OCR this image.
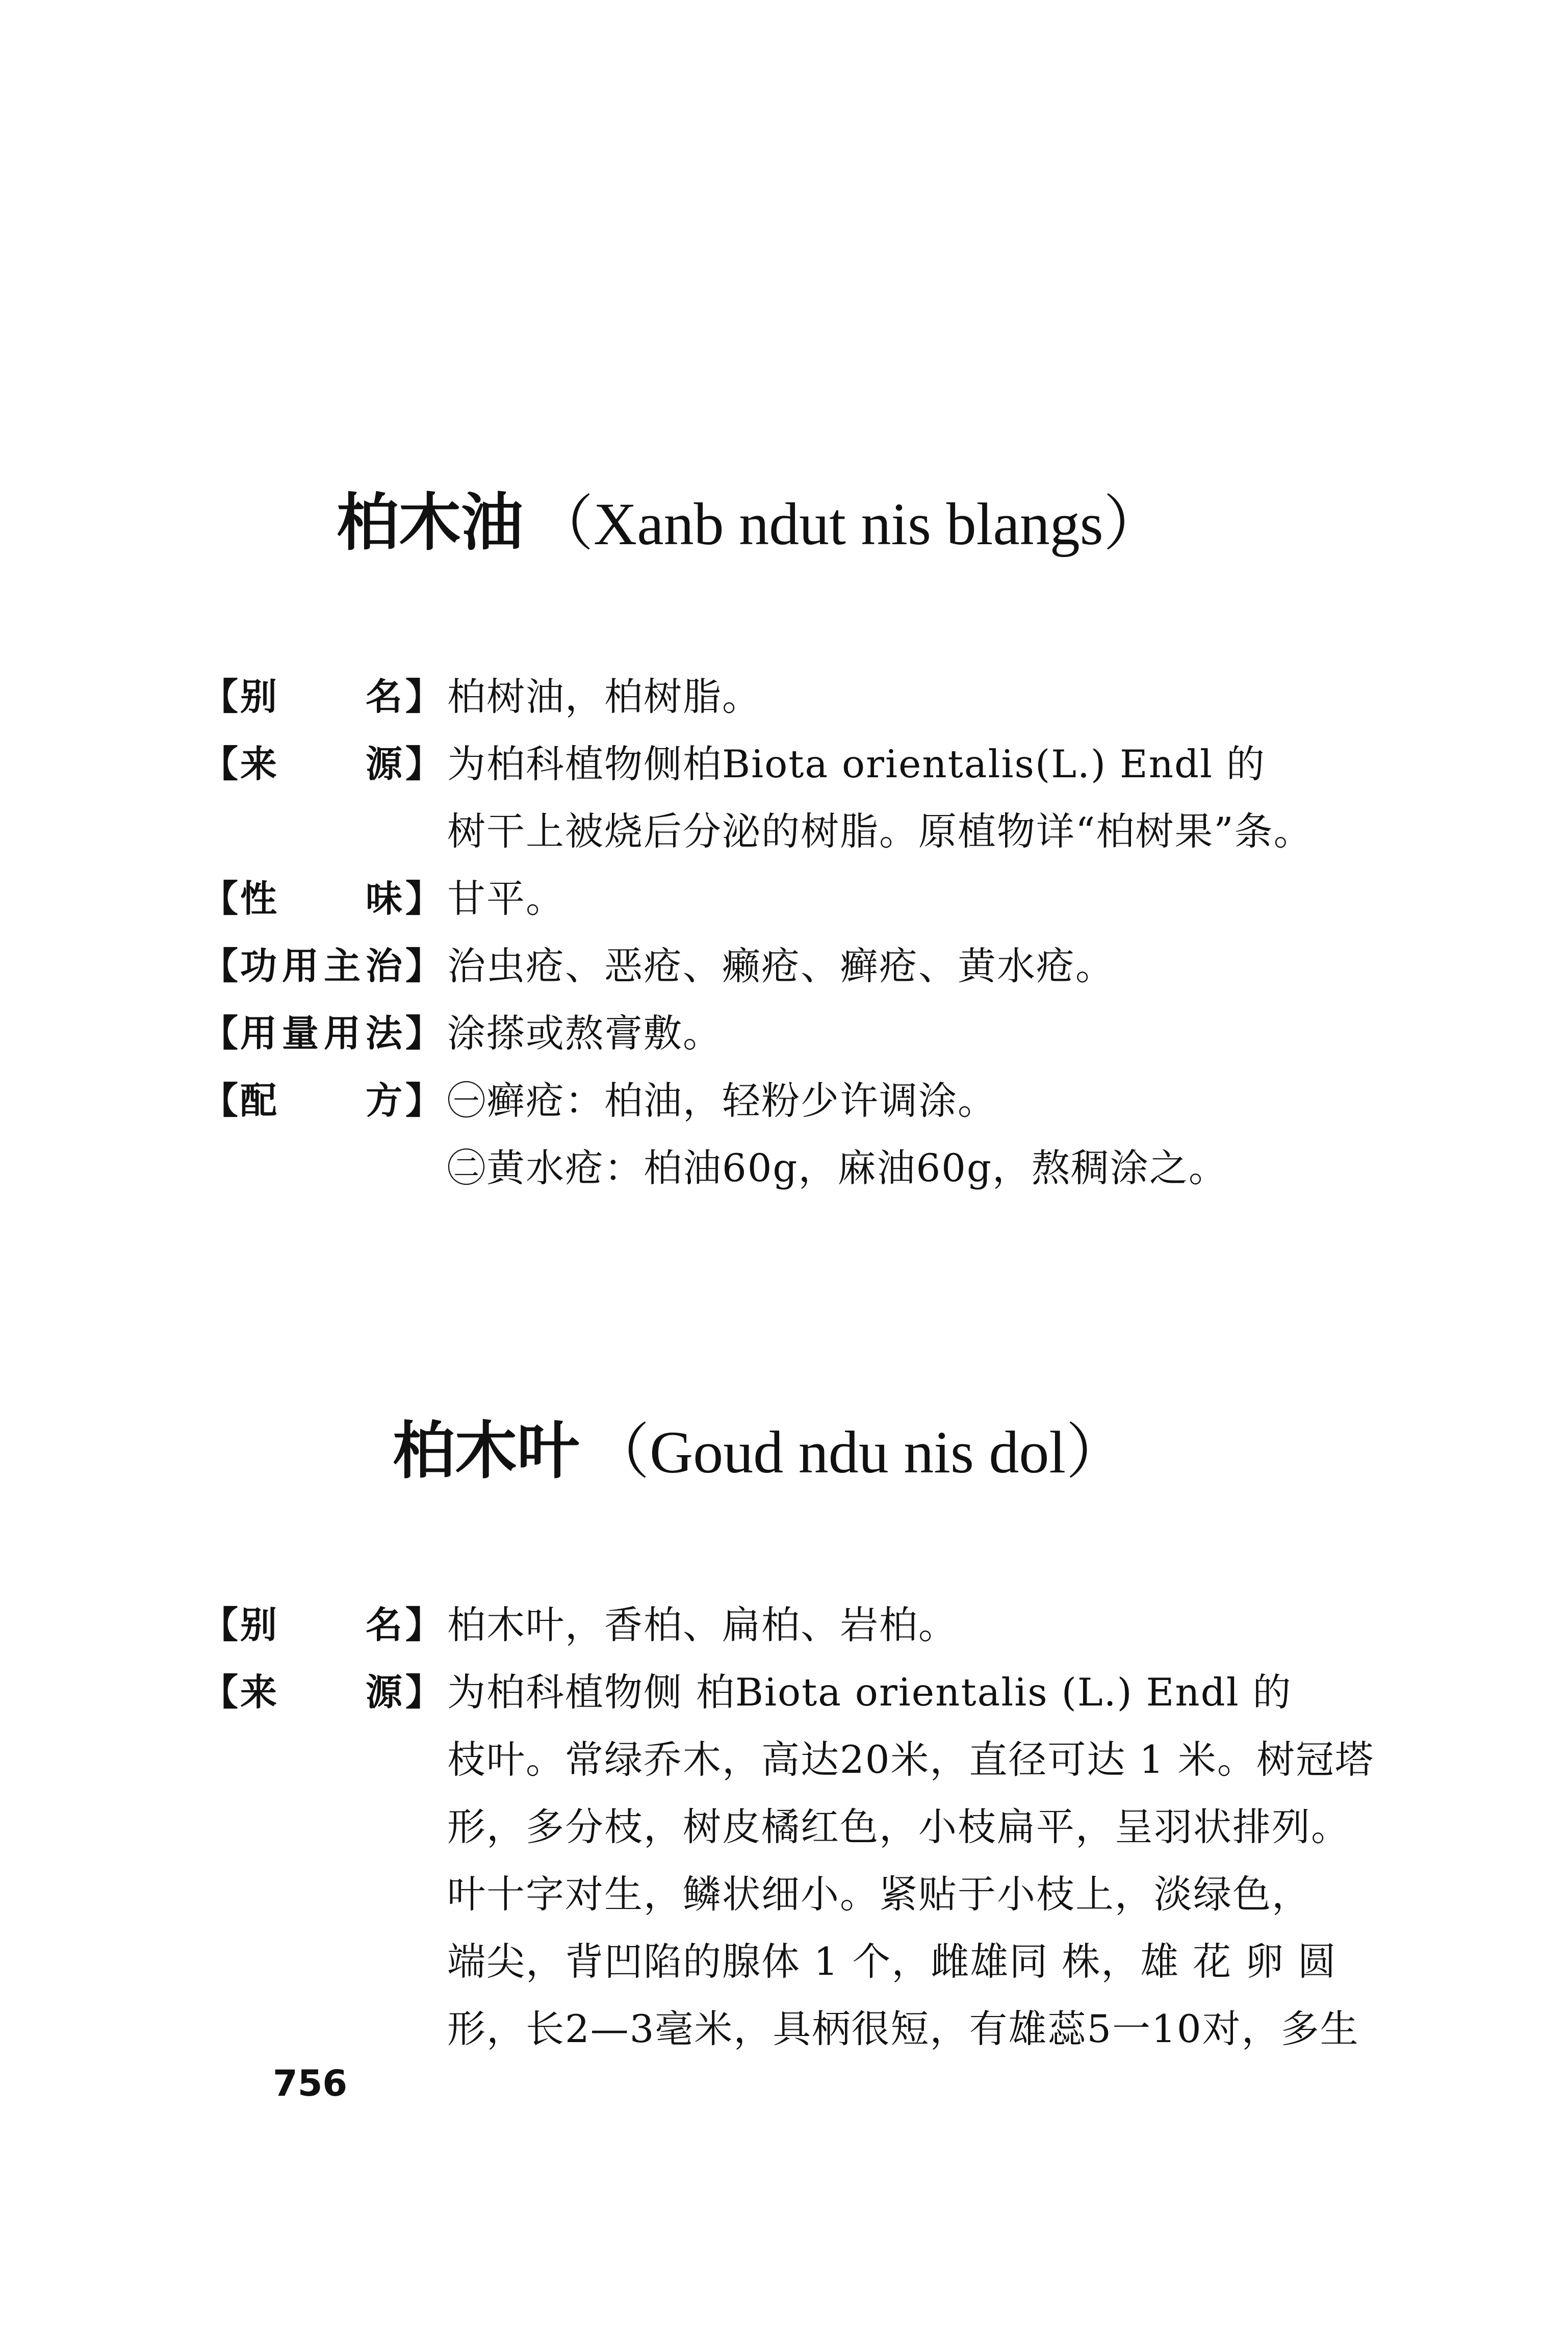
柏木油 （Xanb ndut nis blangs）
【 别 名 】 柏树油，柏树脂。
【 来 源 】 为柏科植物侧柏Biota orientalis(L.) Endl 的
树干上被烧后分泌的树脂。原植物详“柏树果”条。
【 性 味 】 甘平。
【 功 用 主 治 】 治虫疮、恶疮、癞疮、癣疮、黄水疮。
【 用 量 用 法 】 涂搽或熬膏敷。
【 配 方 】 ㊀癣疮：柏油，轻粉少许调涂。
㊁黄水疮：柏油60g，麻油60g，熬稠涂之。
柏木叶 （Goud ndu nis dol）
【 别 名 】 柏木叶，香柏、扁柏、岩柏。
【 来 源 】 为柏科植物侧 柏Biota orientalis (L.) Endl 的
枝叶。常绿乔木，高达20米，直径可达 1 米。树冠塔
形，多分枝，树皮橘红色，小枝扁平，呈羽状排列。
叶十字对生，鳞状细小。紧贴于小枝上，淡绿色，
端尖，背凹陷的腺体 1 个，雌雄同 株，雄 花 卵 圆
形，长2—3毫米，具柄很短，有雄蕊5一10对，多生
756
